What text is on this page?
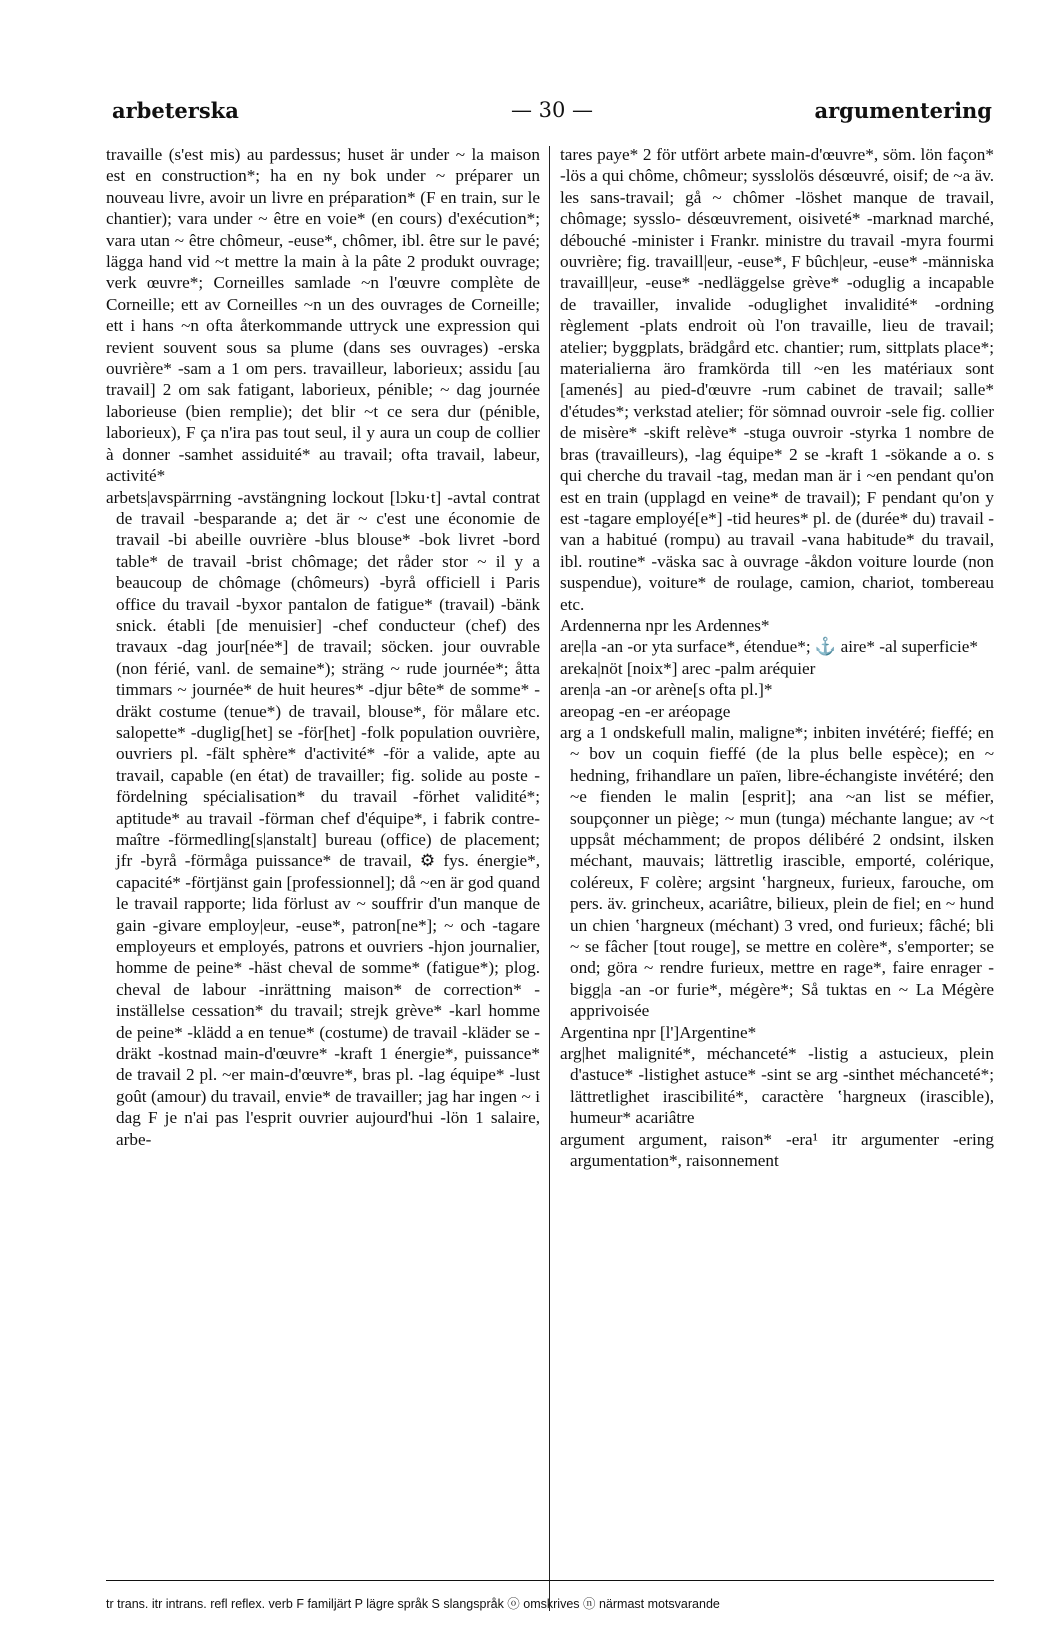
arbeterska	— 30 —	argumentering
travaille (s'est mis) au pardessus; huset är under ~ la maison est en construction*; ha en ny bok under ~ préparer un nouveau livre, avoir un livre en préparation* (F en train, sur le chantier); vara under ~ être en voie* (en cours) d'exécution*; vara utan ~ être chômeur, -euse*, chômer, ibl. être sur le pavé; lägga hand vid ~t mettre la main à la pâte 2 produkt ouvrage; verk œuvre*; Corneilles samlade ~n l'œuvre complète de Corneille; ett av Corneilles ~n un des ouvrages de Corneille; ett i hans ~n ofta återkommande uttryck une expression qui revient souvent sous sa plume (dans ses ouvrages) -erska ouvrière* -sam a 1 om pers. travailleur, laborieux; assidu [au travail] 2 om sak fatigant, laborieux, pénible; ~ dag journée laborieuse (bien remplie); det blir ~t ce sera dur (pénible, laborieux), F ça n'ira pas tout seul, il y aura un coup de collier à donner -samhet assiduité* au travail; ofta travail, labeur, activité*
arbets|avspärrning -avstängning lockout [lɔku·t] -avtal contrat de travail -besparande a; det är ~ c'est une économie de travail -bi abeille ouvrière -blus blouse* -bok livret -bord table* de travail -brist chômage; det råder stor ~ il y a beaucoup de chômage (chômeurs) -byrå officiell i Paris office du travail -byxor pantalon de fatigue* (travail) -bänk snick. établi [de menuisier] -chef conducteur (chef) des travaux -dag jour[née*] de travail; söcken. jour ouvrable (non férié, vanl. de semaine*); sträng ~ rude journée*; åtta timmars ~ journée* de huit heures* -djur bête* de somme* -dräkt costume (tenue*) de travail, blouse*, för målare etc. salopette* -duglig[het] se -för[het] -folk population ouvrière, ouvriers pl. -fält sphère* d'activité* -för a valide, apte au travail, capable (en état) de travailler; fig. solide au poste -fördelning spécialisation* du travail -förhet validité*; aptitude* au travail -förman chef d'équipe*, i fabrik contre-maître -förmedling[s|anstalt] bureau (office) de placement; jfr -byrå -förmåga puissance* de travail, ⚙ fys. énergie*, capacité* -förtjänst gain [professionnel]; då ~en är god quand le travail rapporte; lida förlust av ~ souffrir d'un manque de gain -givare employ|eur, -euse*, patron[ne*]; ~ och -tagare employeurs et employés, patrons et ouvriers -hjon journalier, homme de peine* -häst cheval de somme* (fatigue*); plog. cheval de labour -inrättning maison* de correction* -inställelse cessation* du travail; strejk grève* -karl homme de peine* -klädd a en tenue* (costume) de travail -kläder se -dräkt -kostnad main-d'œuvre* -kraft 1 énergie*, puissance* de travail 2 pl. ~er main-d'œuvre*, bras pl. -lag équipe* -lust goût (amour) du travail, envie* de travailler; jag har ingen ~ i dag F je n'ai pas l'esprit ouvrier aujourd'hui -lön 1 salaire, arbe-
tares paye* 2 för utfört arbete main-d'œuvre*, söm. lön façon* -lös a qui chôme, chômeur; sysslolös désœuvré, oisif; de ~a äv. les sans-travail; gå ~ chômer -löshet manque de travail, chômage; sysslo- désœuvrement, oisiveté* -marknad marché, débouché -minister i Frankr. ministre du travail -myra fourmi ouvrière; fig. travaill|eur, -euse*, F bûch|eur, -euse* -människa travaill|eur, -euse* -nedläggelse grève* -oduglig a incapable de travailler, invalide -oduglighet invalidité* -ordning règlement -plats endroit où l'on travaille, lieu de travail; atelier; byggplats, brädgård etc. chantier; rum, sittplats place*; materialierna äro framkörda till ~en les matériaux sont [amenés] au pied-d'œuvre -rum cabinet de travail; salle* d'études*; verkstad atelier; för sömnad ouvroir -sele fig. collier de misère* -skift relève* -stuga ouvroir -styrka 1 nombre de bras (travailleurs), -lag équipe* 2 se -kraft 1 -sökande a o. s qui cherche du travail -tag, medan man är i ~en pendant qu'on est en train (upplagd en veine* de travail); F pendant qu'on y est -tagare employé[e*] -tid heures* pl. de (durée* du) travail -van a habitué (rompu) au travail -vana habitude* du travail, ibl. routine* -väska sac à ouvrage -åkdon voiture lourde (non suspendue), voiture* de roulage, camion, chariot, tombereau etc.
Ardennerna npr les Ardennes*
are|la -an -or yta surface*, étendue*; ⚓ aire* -al superficie*
areka|nöt [noix*] arec -palm aréquier
aren|a -an -or arène[s ofta pl.]*
areopag -en -er aréopage
arg a 1 ondskefull malin, maligne*; inbiten invétéré; fieffé; en ~ bov un coquin fieffé (de la plus belle espèce); en ~ hedning, frihandlare un païen, libre-échangiste invétéré; den ~e fienden le malin [esprit]; ana ~an list se méfier, soupçonner un piège; ~ mun (tunga) méchante langue; av ~t uppsåt méchamment; de propos délibéré 2 ondsint, ilsken méchant, mauvais; lättretlig irascible, emporté, colérique, coléreux, F colère; argsint ʽhargneux, furieux, farouche, om pers. äv. grincheux, acariâtre, bilieux, plein de fiel; en ~ hund un chien ʽhargneux (méchant) 3 vred, ond furieux; fâché; bli ~ se fâcher [tout rouge], se mettre en colère*, s'emporter; se ond; göra ~ rendre furieux, mettre en rage*, faire enrager -bigg|a -an -or furie*, mégère*; Så tuktas en ~ La Mégère apprivoisée
Argentina npr [l']Argentine*
arg|het malignité*, méchanceté* -listig a astucieux, plein d'astuce* -listighet astuce* -sint se arg -sinthet méchanceté*; lättretlighet irascibilité*, caractère ʽhargneux (irascible), humeur* acariâtre
argument argument, raison* -era¹ itr argumenter -ering argumentation*, raisonnement
tr trans. itr intrans. refl reflex. verb F familjärt P lägre språk S slangspråk ⓞ omskrives ⓝ närmast motsvarande
